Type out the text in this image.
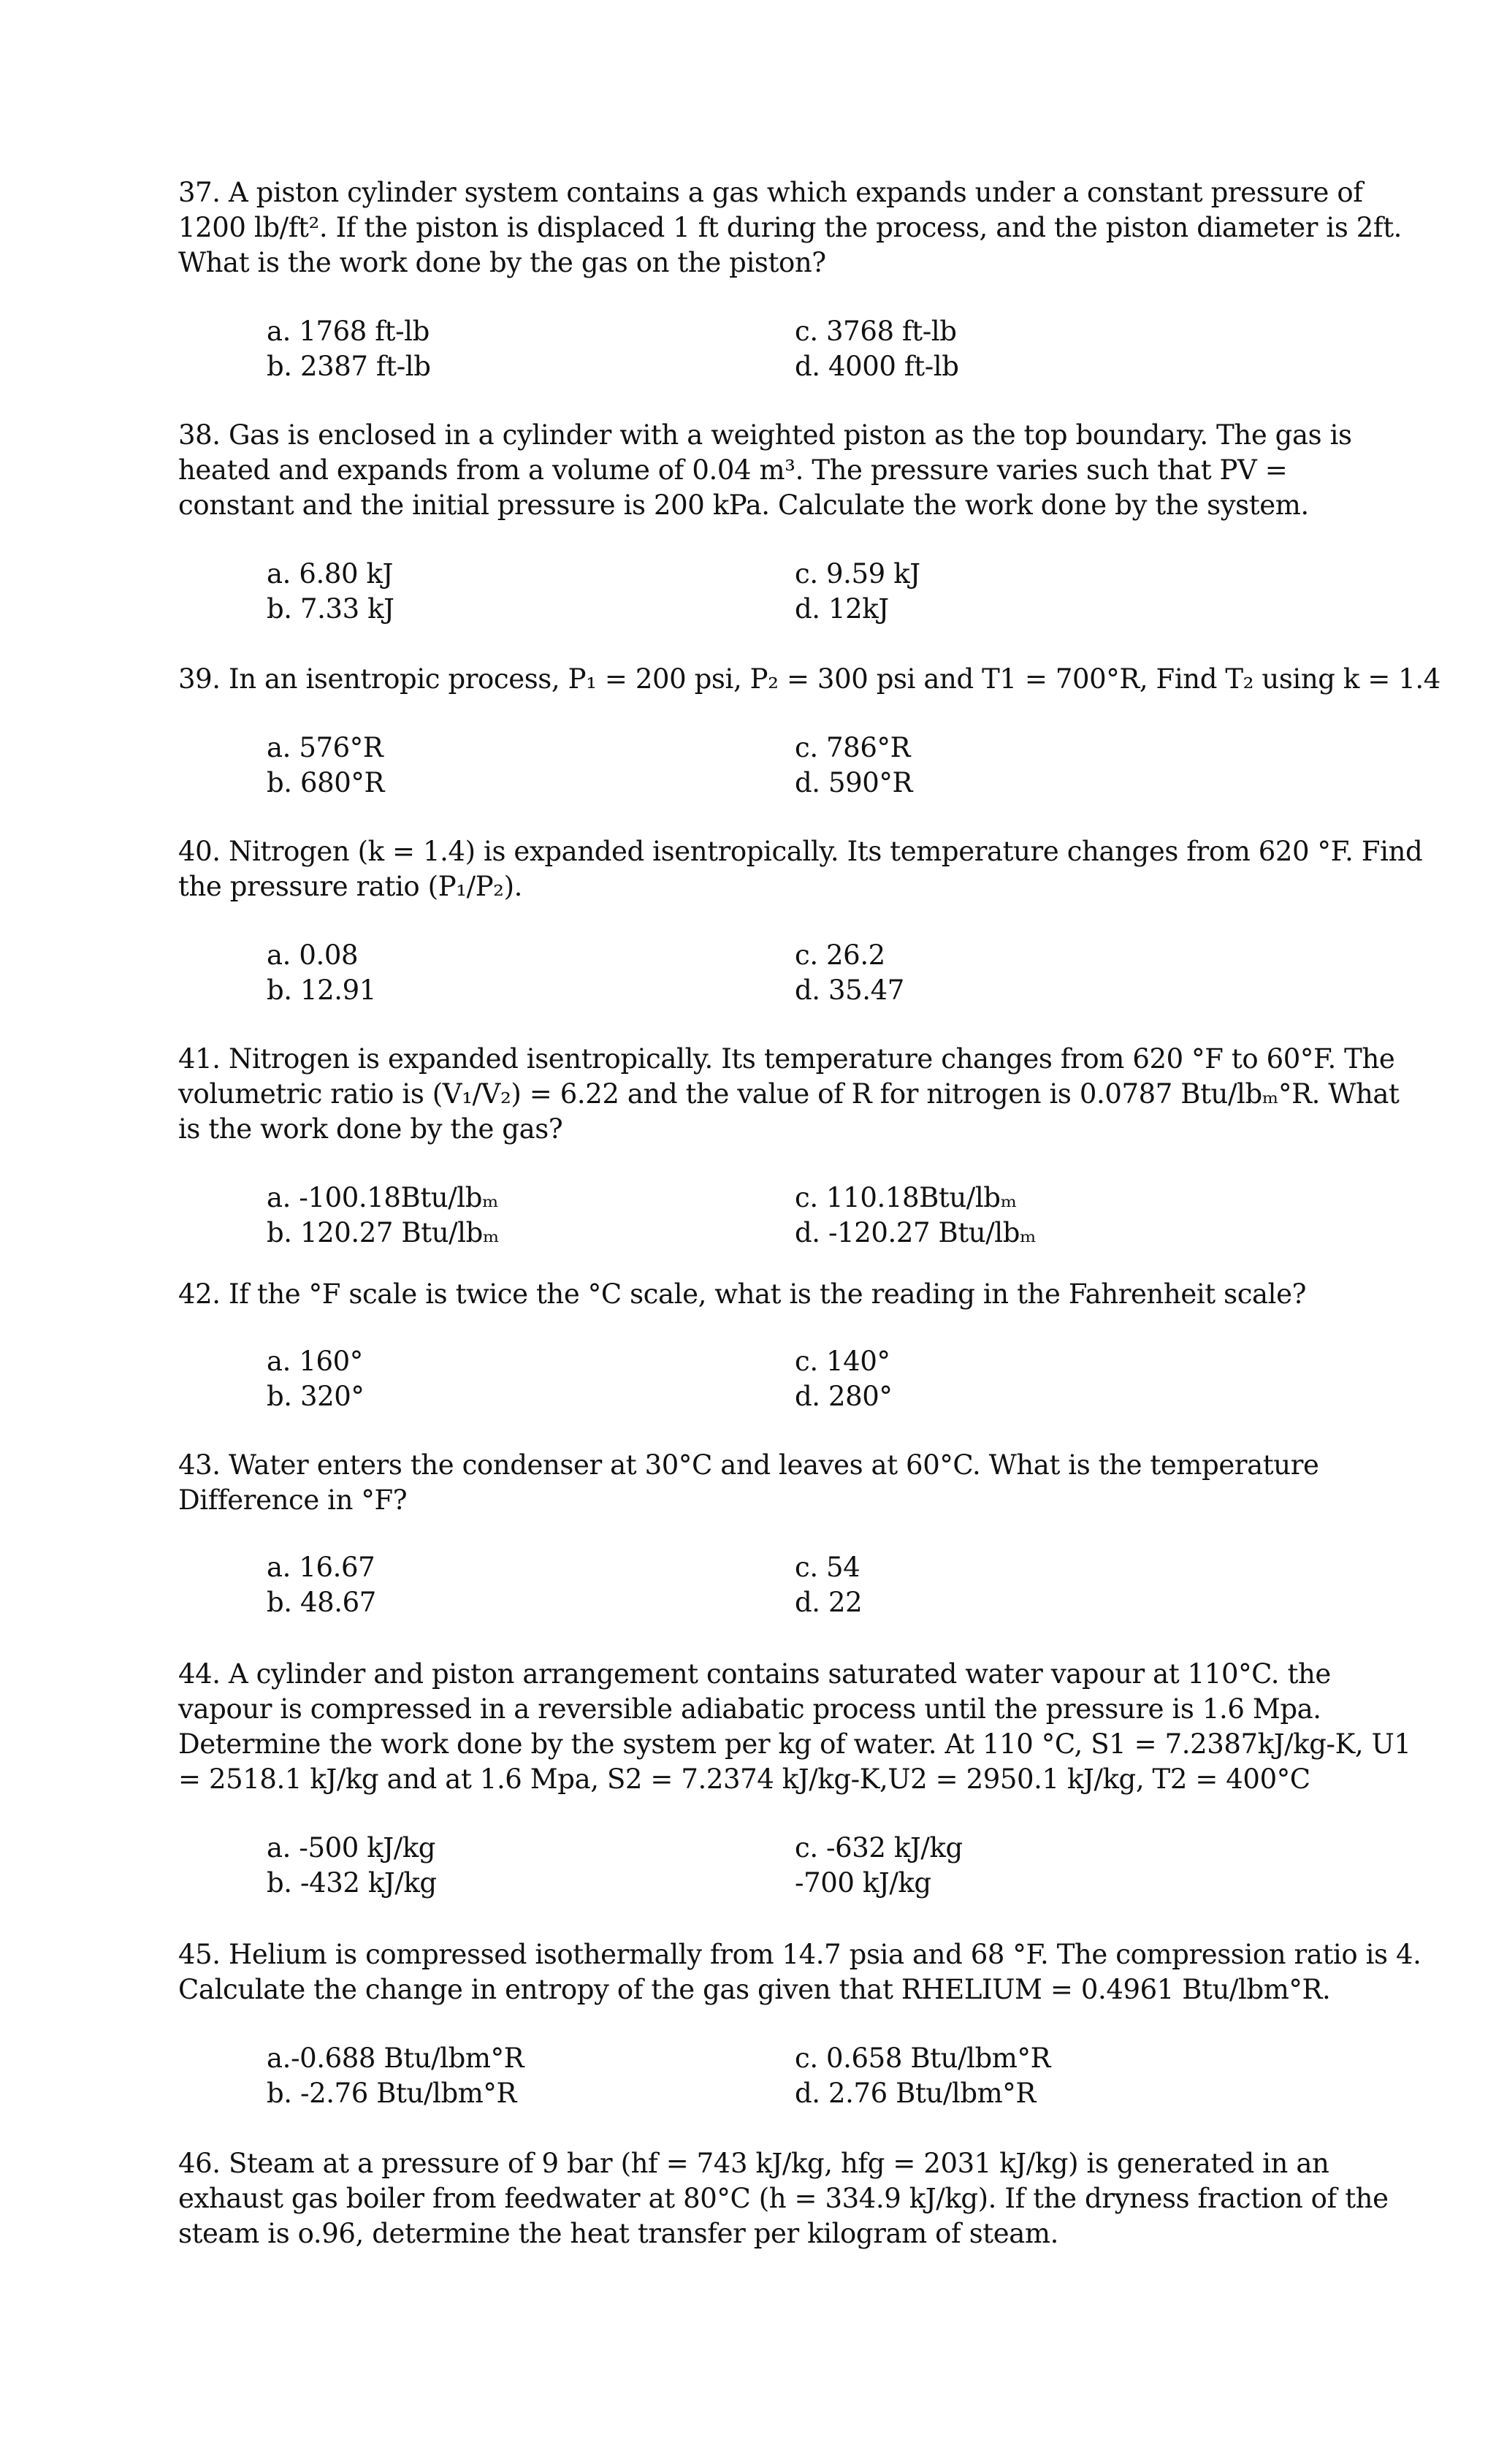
37. A piston cylinder system contains a gas which expands under a constant pressure of
1200 lb/ft². If the piston is displaced 1 ft during the process, and the piston diameter is 2ft.
What is the work done by the gas on the piston?
a. 1768 ft-lb	c. 3768 ft-lb
b. 2387 ft-lb	d. 4000 ft-lb
38. Gas is enclosed in a cylinder with a weighted piston as the top boundary. The gas is
heated and expands from a volume of 0.04 m³. The pressure varies such that PV =
constant and the initial pressure is 200 kPa. Calculate the work done by the system.
a. 6.80 kJ	c. 9.59 kJ
b. 7.33 kJ	d. 12kJ
39. In an isentropic process, P₁ = 200 psi, P₂ = 300 psi and T1 = 700°R, Find T₂ using k = 1.4
a. 576°R	c. 786°R
b. 680°R	d. 590°R
40. Nitrogen (k = 1.4) is expanded isentropically. Its temperature changes from 620 °F. Find
the pressure ratio (P₁/P₂).
a. 0.08	c. 26.2
b. 12.91	d. 35.47
41. Nitrogen is expanded isentropically. Its temperature changes from 620 °F to 60°F. The
volumetric ratio is (V₁/V₂) = 6.22 and the value of R for nitrogen is 0.0787 Btu/lbₘ°R. What
is the work done by the gas?
a. -100.18Btu/lbₘ	c. 110.18Btu/lbₘ
b. 120.27 Btu/lbₘ	d. -120.27 Btu/lbₘ
42. If the °F scale is twice the °C scale, what is the reading in the Fahrenheit scale?
a. 160°	c. 140°
b. 320°	d. 280°
43. Water enters the condenser at 30°C and leaves at 60°C. What is the temperature
Difference in °F?
a. 16.67	c. 54
b. 48.67	d. 22
44. A cylinder and piston arrangement contains saturated water vapour at 110°C. the
vapour is compressed in a reversible adiabatic process until the pressure is 1.6 Mpa.
Determine the work done by the system per kg of water. At 110 °C, S1 = 7.2387kJ/kg-K, U1
= 2518.1 kJ/kg and at 1.6 Mpa, S2 = 7.2374 kJ/kg-K,U2 = 2950.1 kJ/kg, T2 = 400°C
a. -500 kJ/kg	c. -632 kJ/kg
b. -432 kJ/kg	-700 kJ/kg
45. Helium is compressed isothermally from 14.7 psia and 68 °F. The compression ratio is 4.
Calculate the change in entropy of the gas given that RHELIUM = 0.4961 Btu/lbm°R.
a.-0.688 Btu/lbm°R	c. 0.658 Btu/lbm°R
b. -2.76 Btu/lbm°R	d. 2.76 Btu/lbm°R
46. Steam at a pressure of 9 bar (hf = 743 kJ/kg, hfg = 2031 kJ/kg) is generated in an
exhaust gas boiler from feedwater at 80°C (h = 334.9 kJ/kg). If the dryness fraction of the
steam is o.96, determine the heat transfer per kilogram of steam.
